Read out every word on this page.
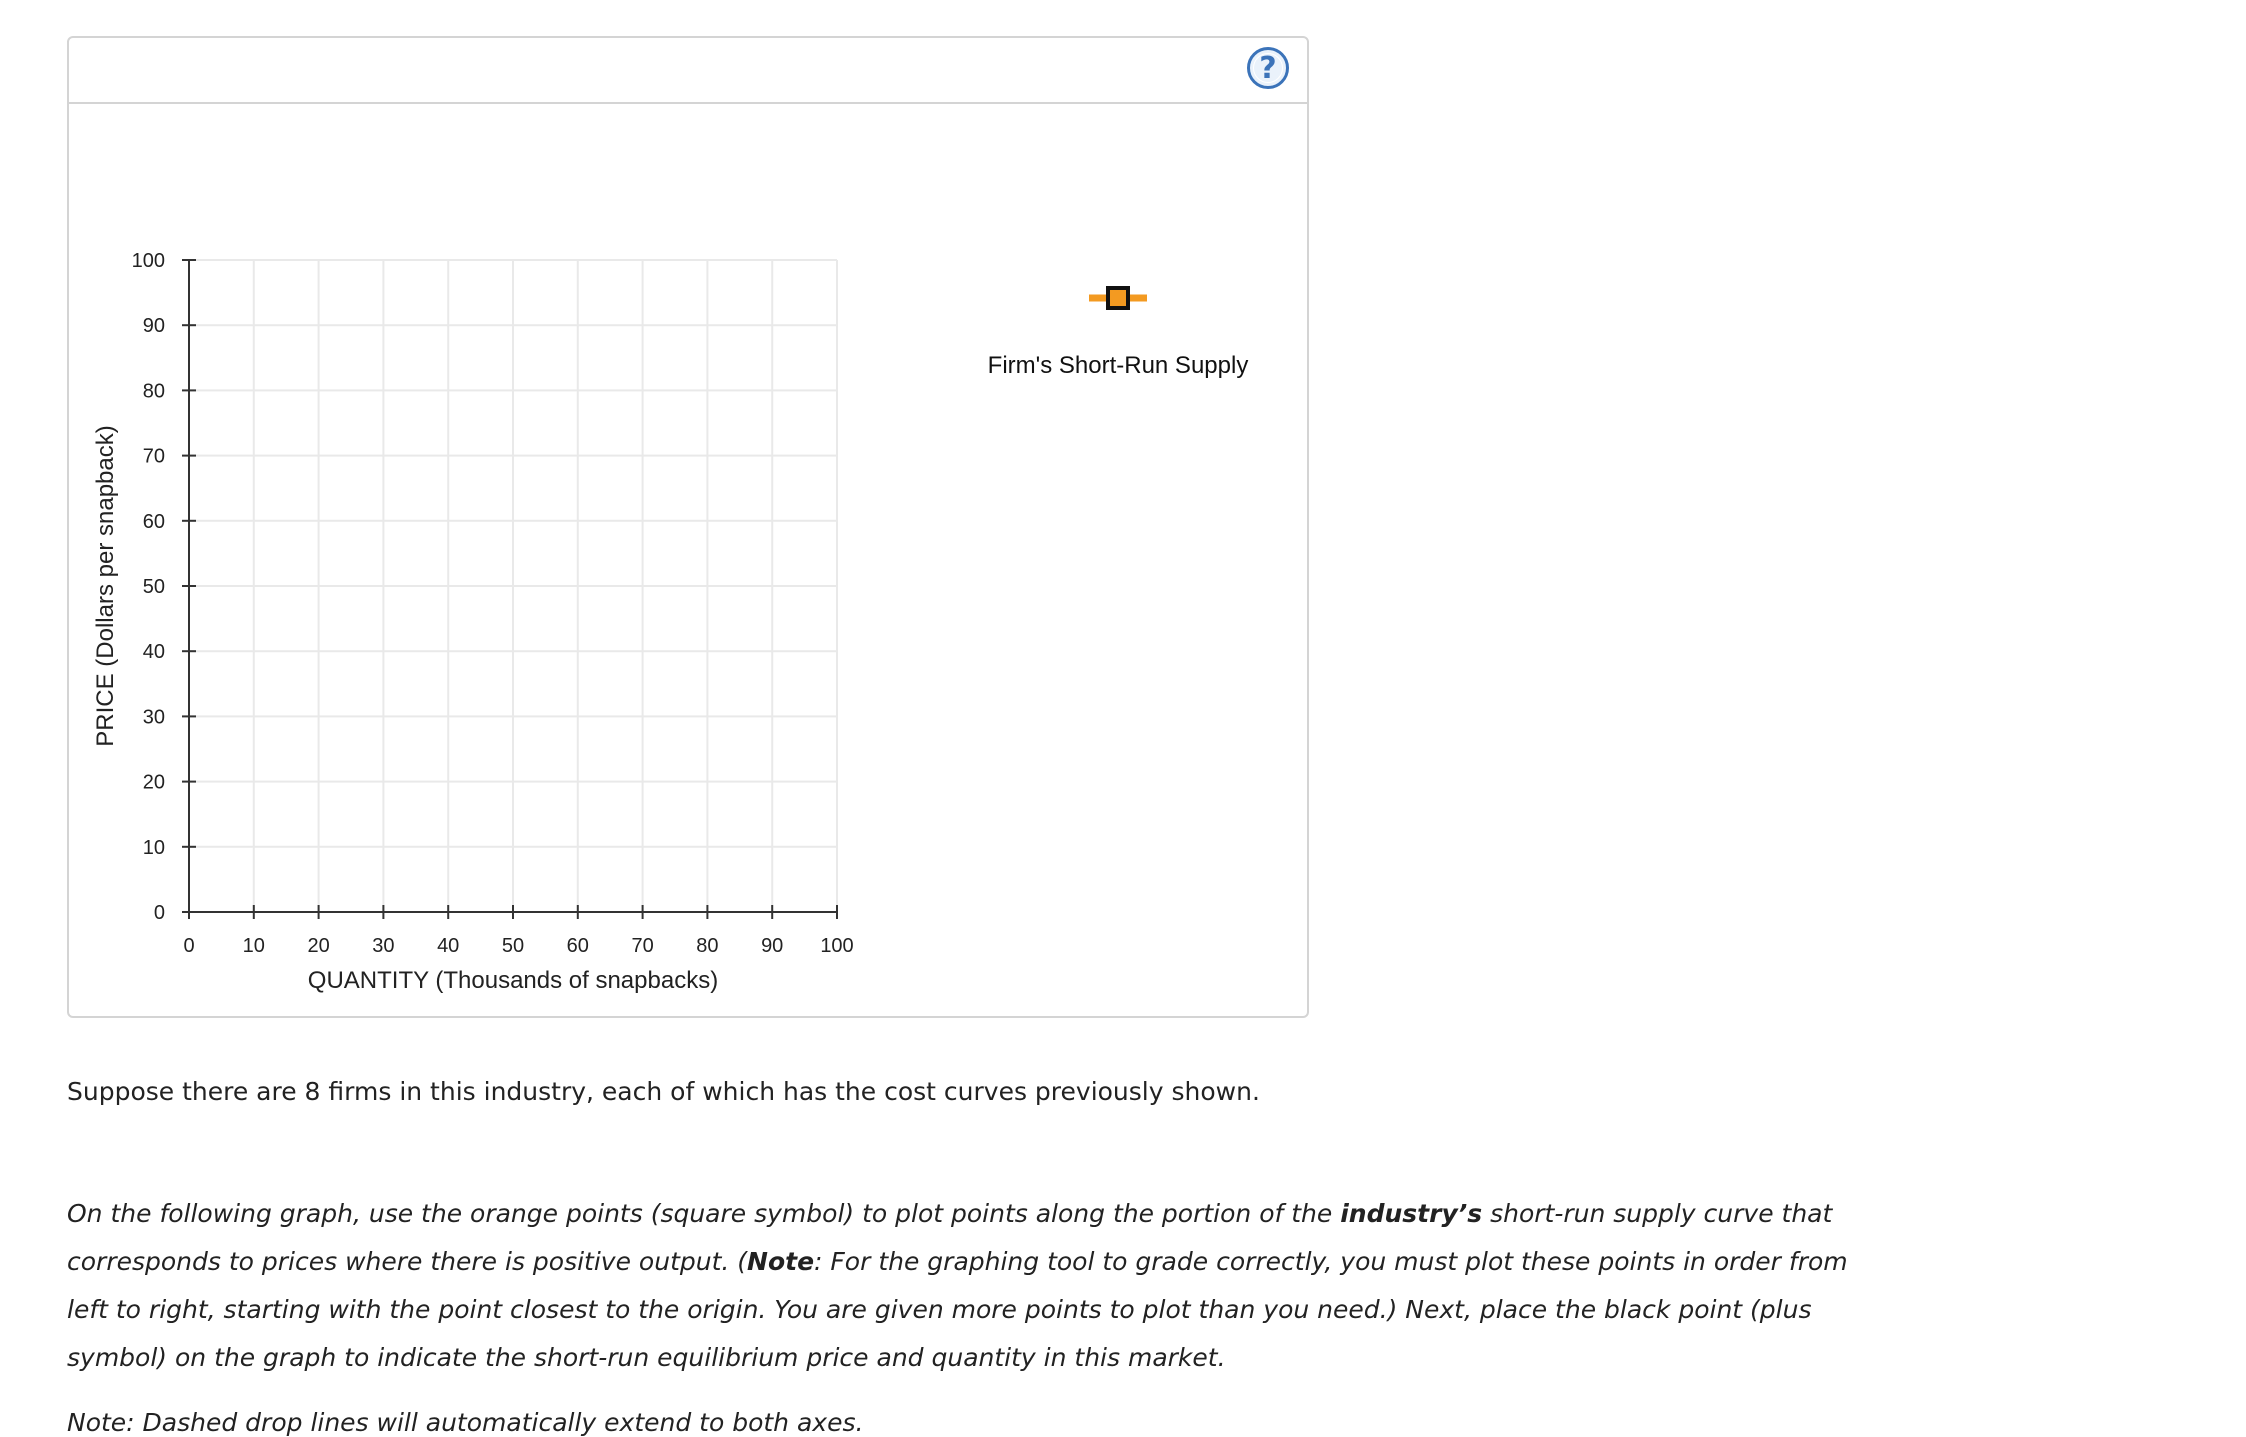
?
0 10 20 30 40 50 60 70 80 90 100
0
10
20
30
40
50
60
70
80
90
100
QUANTITY (Thousands of snapbacks)
PRICE (Dollars per snapback)
Firm's Short-Run Supply

Suppose there are 8 firms in this industry, each of which has the cost curves previously shown.

On the following graph, use the orange points (square symbol) to plot points along the portion of the industry’s short-run supply curve that corresponds to prices where there is positive output. (Note: For the graphing tool to grade correctly, you must plot these points in order from left to right, starting with the point closest to the origin. You are given more points to plot than you need.) Next, place the black point (plus symbol) on the graph to indicate the short-run equilibrium price and quantity in this market.

Note: Dashed drop lines will automatically extend to both axes.
